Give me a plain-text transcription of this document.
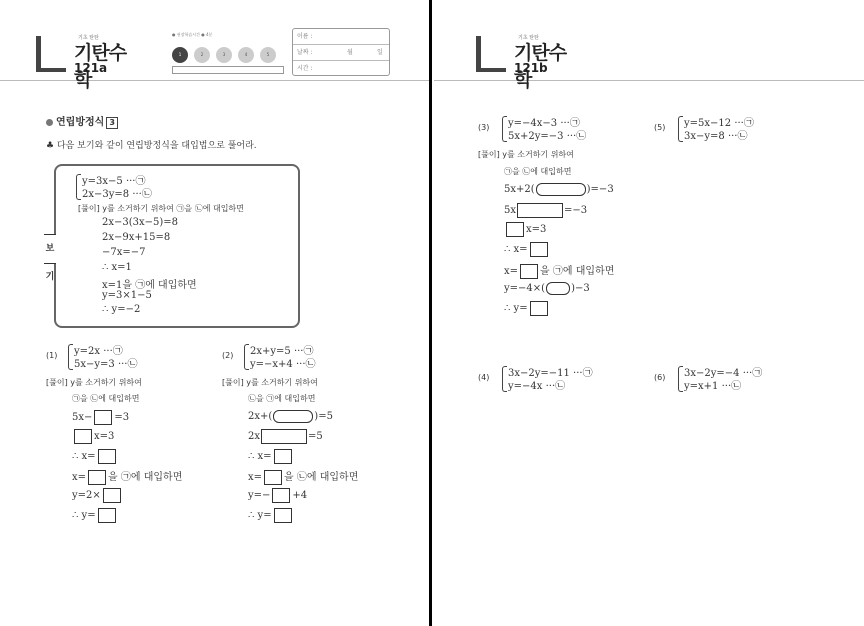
기초 탄탄
기탄수학
121a
● 권장학습시간 ● 4분
1	2	3	4	5
이름 :
날짜 :	월	일
시간 :
연립방정식 3
♣ 다음 보기와 같이 연립방정식을 대입법으로 풀어라.
보기
y=3x−5 ···㉠
2x−3y=8 ···㉡
[풀이] y를 소거하기 위하여 ㉠을 ㉡에 대입하면
2x−3(3x−5)=8
2x−9x+15=8
−7x=−7
∴ x=1
x=1을 ㉠에 대입하면
y=3×1−5
∴ y=−2
(1) y=2x ···㉠
5x−y=3 ···㉡
[풀이] y를 소거하기 위하여
㉠을 ㉡에 대입하면
5x− =3
x=3
∴ x=
x= 을 ㉠에 대입하면
y=2×
∴ y=
(2) 2x+y=5 ···㉠
y=−x+4 ···㉡
[풀이] y를 소거하기 위하여
㉡을 ㉠에 대입하면
2x+(	)=5
2x	=5
∴ x=
x= 을 ㉡에 대입하면
y=− +4
∴ y=
기초 탄탄
기탄수학
121b
(3) y=−4x−3 ···㉠
5x+2y=−3 ···㉡
[풀이] y를 소거하기 위하여
㉠을 ㉡에 대입하면
5x+2(	)=−3
5x	=−3
x=3
∴ x=
x= 을 ㉠에 대입하면
y=−4×(	)−3
∴ y=
(5) y=5x−12 ···㉠
3x−y=8 ···㉡
(4) 3x−2y=−11 ···㉠
y=−4x ···㉡
(6) 3x−2y=−4 ···㉠
y=x+1 ···㉡
